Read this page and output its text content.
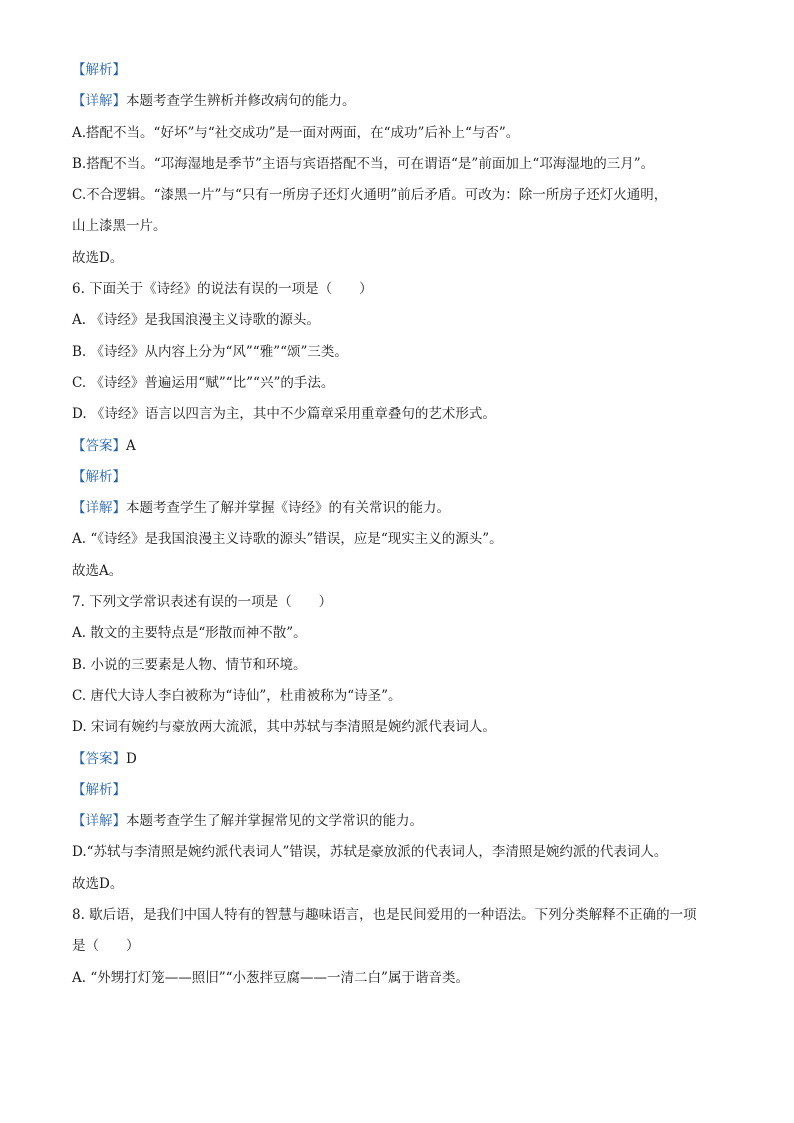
【解析】
【详解】本题考查学生辨析并修改病句的能力。
A.搭配不当。“好坏”与“社交成功”是一面对两面，在“成功”后补上“与否”。
B.搭配不当。“邛海湿地是季节”主语与宾语搭配不当，可在谓语“是”前面加上“邛海湿地的三月”。
C.不合逻辑。“漆黑一片”与“只有一所房子还灯火通明”前后矛盾。可改为：除一所房子还灯火通明，
山上漆黑一片。
故选D。
6. 下面关于《诗经》的说法有误的一项是（　　）
A. 《诗经》是我国浪漫主义诗歌的源头。
B. 《诗经》从内容上分为“风”“雅”“颂”三类。
C. 《诗经》普遍运用“赋”“比”“兴”的手法。
D. 《诗经》语言以四言为主，其中不少篇章采用重章叠句的艺术形式。
【答案】A
【解析】
【详解】本题考查学生了解并掌握《诗经》的有关常识的能力。
A. “《诗经》是我国浪漫主义诗歌的源头”错误，应是“现实主义的源头”。
故选A。
7. 下列文学常识表述有误的一项是（　　）
A. 散文的主要特点是“形散而神不散”。
B. 小说的三要素是人物、情节和环境。
C. 唐代大诗人李白被称为“诗仙”，杜甫被称为“诗圣”。
D. 宋词有婉约与豪放两大流派，其中苏轼与李清照是婉约派代表词人。
【答案】D
【解析】
【详解】本题考查学生了解并掌握常见的文学常识的能力。
D.“苏轼与李清照是婉约派代表词人”错误，苏轼是豪放派的代表词人，李清照是婉约派的代表词人。
故选D。
8. 歇后语，是我们中国人特有的智慧与趣味语言，也是民间爱用的一种语法。下列分类解释不正确的一项
是（　　）
A. “外甥打灯笼——照旧”“小葱拌豆腐——一清二白”属于谐音类。
